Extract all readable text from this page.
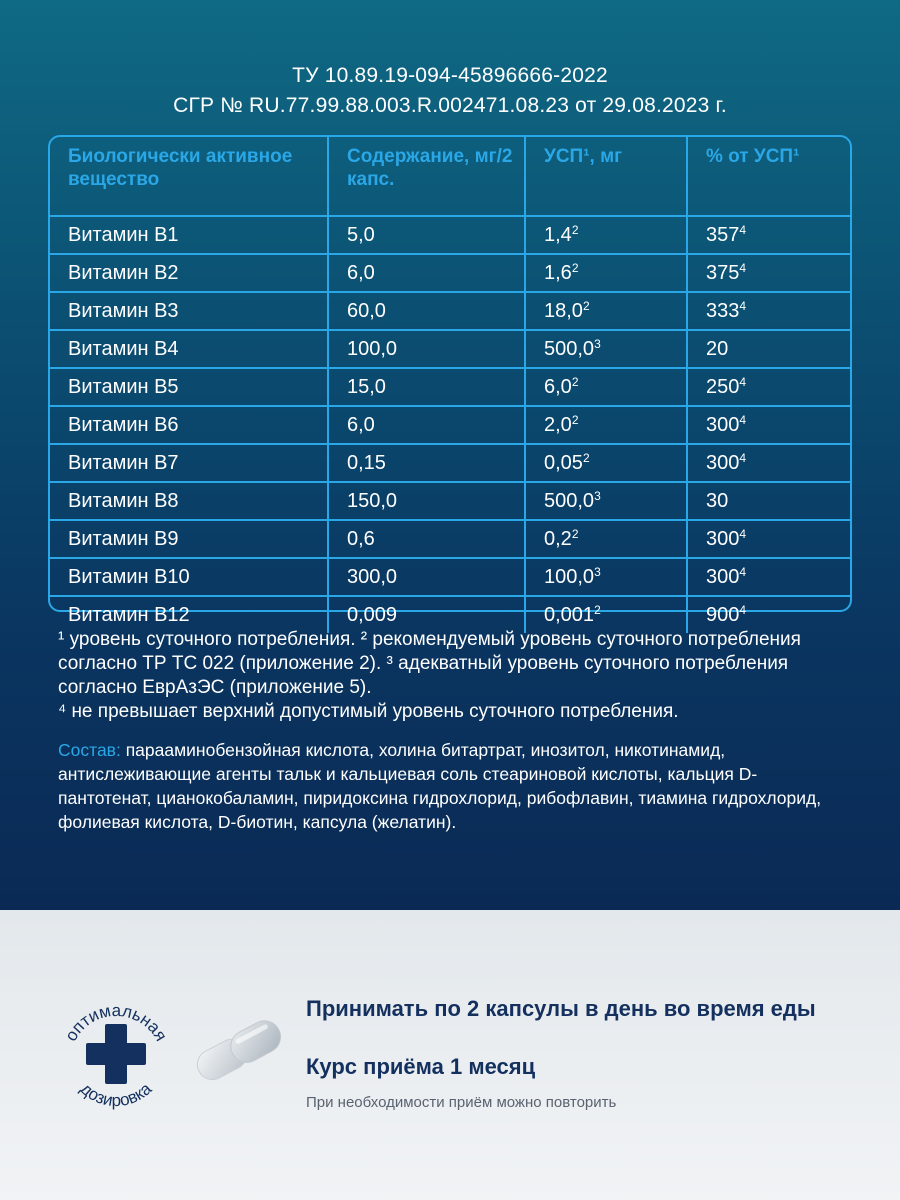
ТУ 10.89.19-094-45896666-2022
СГР № RU.77.99.88.003.R.002471.08.23 от 29.08.2023 г.
Биологически активное вещество	Содержание, мг/2 капс.	УСП¹, мг	% от УСП¹
Витамин В1	5,0	$1,4^2$	$357^4$
Витамин В2	6,0	$1,6^2$	$375^4$
Витамин В3	60,0	18,0$^2$	$333^4$
Витамин В4	100,0	500,0$^3$	20
Витамин В5	15,0	$6,0^2$	$250^4$
Витамин В6	6,0	$2,0^2$	$300^4$
Витамин В7	0,15	0,05$^2$	$300^4$
Витамин В8	150,0	500,0$^3$	30
Витамин В9	0,6	$0,2^2$	$300^4$
Витамин В10	300,0	100,0$^3$	$300^4$
Витамин В12	0,009	0,001$^2$	$900^4$
¹ уровень суточного потребления. ² рекомендуемый уровень суточного потребления согласно ТР ТС 022 (приложение 2). ³ адекватный уровень суточного потребления согласно ЕврАзЭС (приложение 5).
⁴ не превышает верхний допустимый уровень суточного потребления.
Состав: парааминобензойная кислота, холина битартрат, инозитол, никотинамид, антислеживающие агенты тальк и кальциевая соль стеариновой кислоты, кальция D-пантотенат, цианокобаламин, пиридоксина гидрохлорид, рибофлавин, тиамина гидрохлорид, фолиевая кислота, D-биотин, капсула (желатин).
оптимальная
дозировка
Принимать по 2 капсулы в день во время еды
Курс приёма 1 месяц
При необходимости приём можно повторить
